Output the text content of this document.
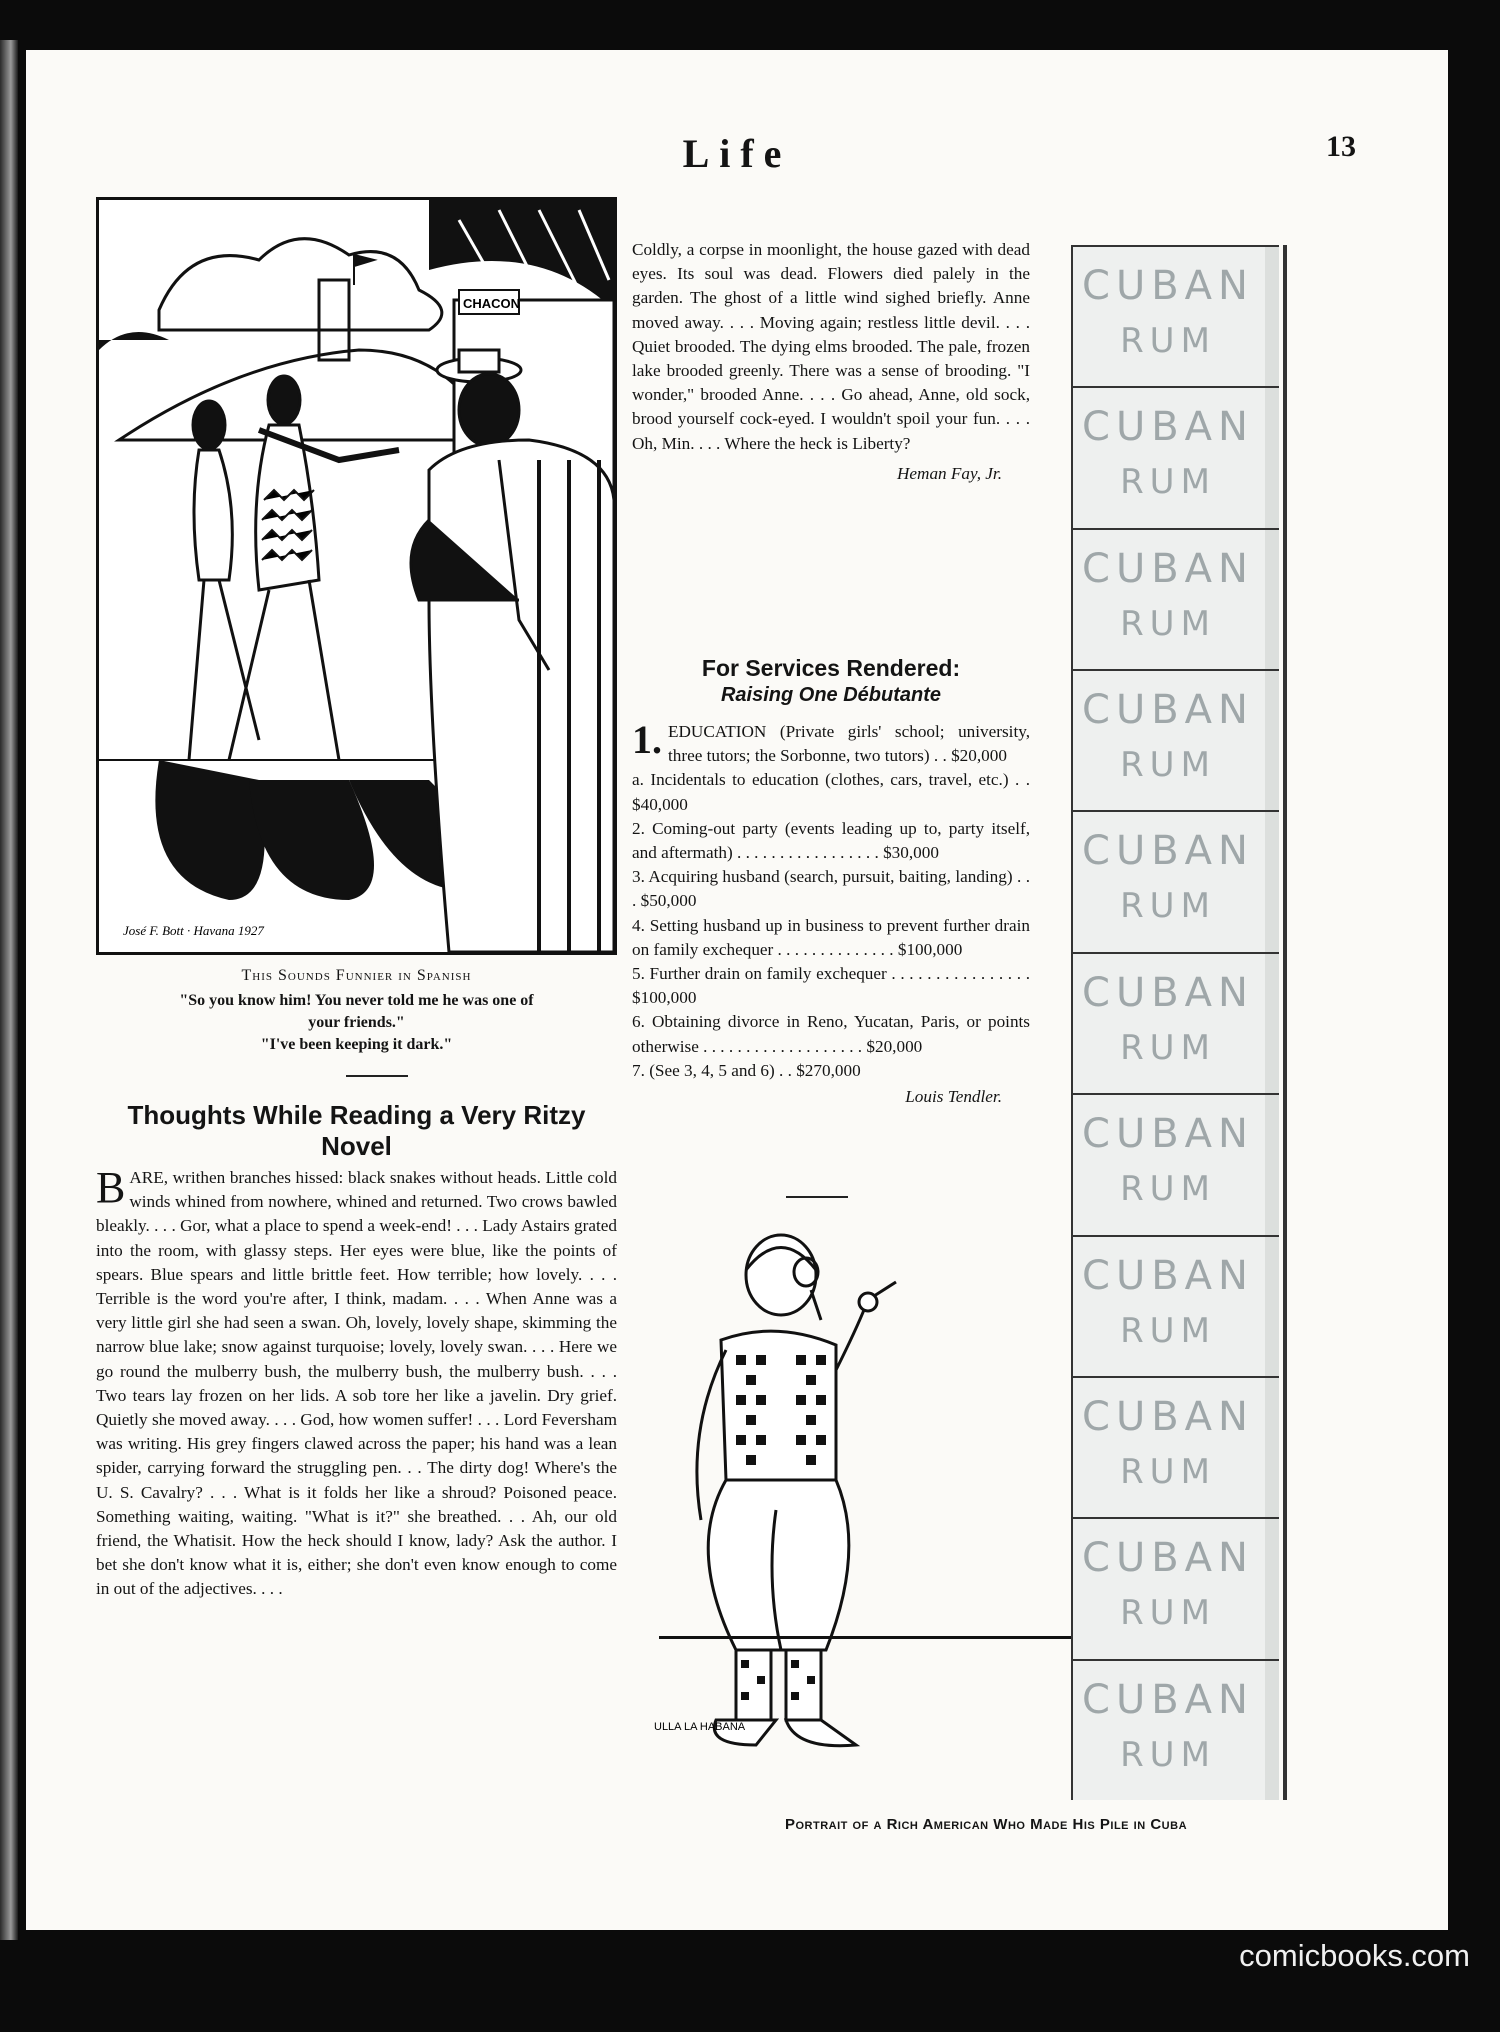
Life	13
CHACON
José F. Bott · Havana 1927
This Sounds Funnier in Spanish
"So you know him! You never told me he was one of
your friends."
"I've been keeping it dark."
Thoughts While Reading a Very Ritzy Novel
B ARE, writhen branches hissed: black snakes without heads. Little cold winds whined from nowhere, whined and returned. Two crows bawled bleakly. . . . Gor, what a place to spend a week-end! . . . Lady Astairs grated into the room, with glassy steps. Her eyes were blue, like the points of spears. Blue spears and little brittle feet. How terrible; how lovely. . . . Terrible is the word you're after, I think, madam. . . . When Anne was a very little girl she had seen a swan. Oh, lovely, lovely shape, skimming the narrow blue lake; snow against turquoise; lovely, lovely swan. . . . Here we go round the mulberry bush, the mulberry bush, the mulberry bush. . . . Two tears lay frozen on her lids. A sob tore her like a javelin. Dry grief. Quietly she moved away. . . . God, how women suffer! . . . Lord Feversham was writing. His grey fingers clawed across the paper; his hand was a lean spider, carrying forward the struggling pen. . . The dirty dog! Where's the U. S. Cavalry? . . . What is it folds her like a shroud? Poisoned peace. Something waiting, waiting. "What is it?" she breathed. . . Ah, our old friend, the Whatisit. How the heck should I know, lady? Ask the author. I bet she don't know what it is, either; she don't even know enough to come in out of the adjectives. . . .

Coldly, a corpse in moonlight, the house gazed with dead eyes. Its soul was dead. Flowers died palely in the garden. The ghost of a little wind sighed briefly. Anne moved away. . . . Moving again; restless little devil. . . . Quiet brooded. The dying elms brooded. The pale, frozen lake brooded greenly. There was a sense of brooding. "I wonder," brooded Anne. . . . Go ahead, Anne, old sock, brood yourself cock-eyed. I wouldn't spoil your fun. . . . Oh, Min. . . . Where the heck is Liberty?

Heman Fay, Jr.
For Services Rendered:
Raising One Débutante
1. EDUCATION (Private girls' school; university, three tutors; the Sorbonne, two tutors) . . $20,000
a. Incidentals to education (clothes, cars, travel, etc.) . . $40,000
2. Coming-out party (events leading up to, party itself, and aftermath) . . . . . . . . . . . . . . . . . $30,000
3. Acquiring husband (search, pursuit, baiting, landing) . . . $50,000
4. Setting husband up in business to prevent further drain on family exchequer . . . . . . . . . . . . . . $100,000
5. Further drain on family exchequer . . . . . . . . . . . . . . . . $100,000
6. Obtaining divorce in Reno, Yucatan, Paris, or points otherwise . . . . . . . . . . . . . . . . . . . $20,000
7. (See 3, 4, 5 and 6) . . $270,000
Louis Tendler.
ULLA LA HABANA
CUBAN
RUM
CUBAN
RUM
CUBAN
RUM
CUBAN
RUM
CUBAN
RUM
CUBAN
RUM
CUBAN
RUM
CUBAN
RUM
CUBAN
RUM
CUBAN
RUM
CUBAN
RUM
Portrait of a Rich American Who Made His Pile in Cuba
comicbooks.com
